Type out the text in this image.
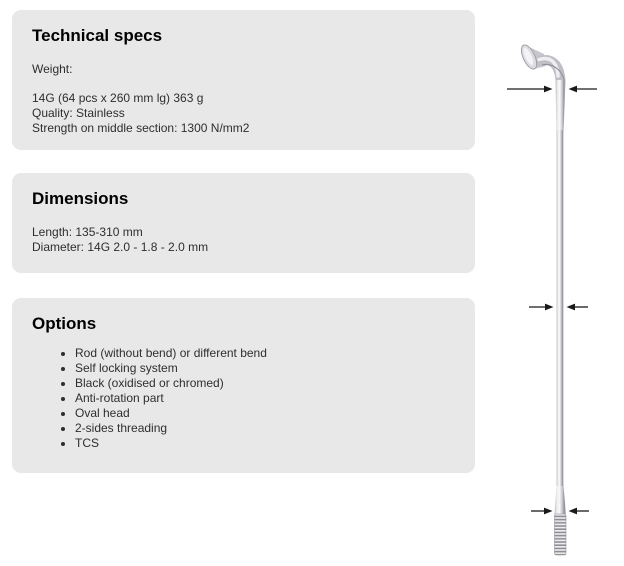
Technical specs

Weight:

14G (64 pcs x 260 mm lg) 363 g
Quality: Stainless
Strength on middle section: 1300 N/mm2

Dimensions

Length: 135-310 mm
Diameter: 14G 2.0 - 1.8 - 2.0 mm

Options
• Rod (without bend) or different bend
• Self locking system
• Black (oxidised or chromed)
• Anti-rotation part
• Oval head
• 2-sides threading
• TCS
